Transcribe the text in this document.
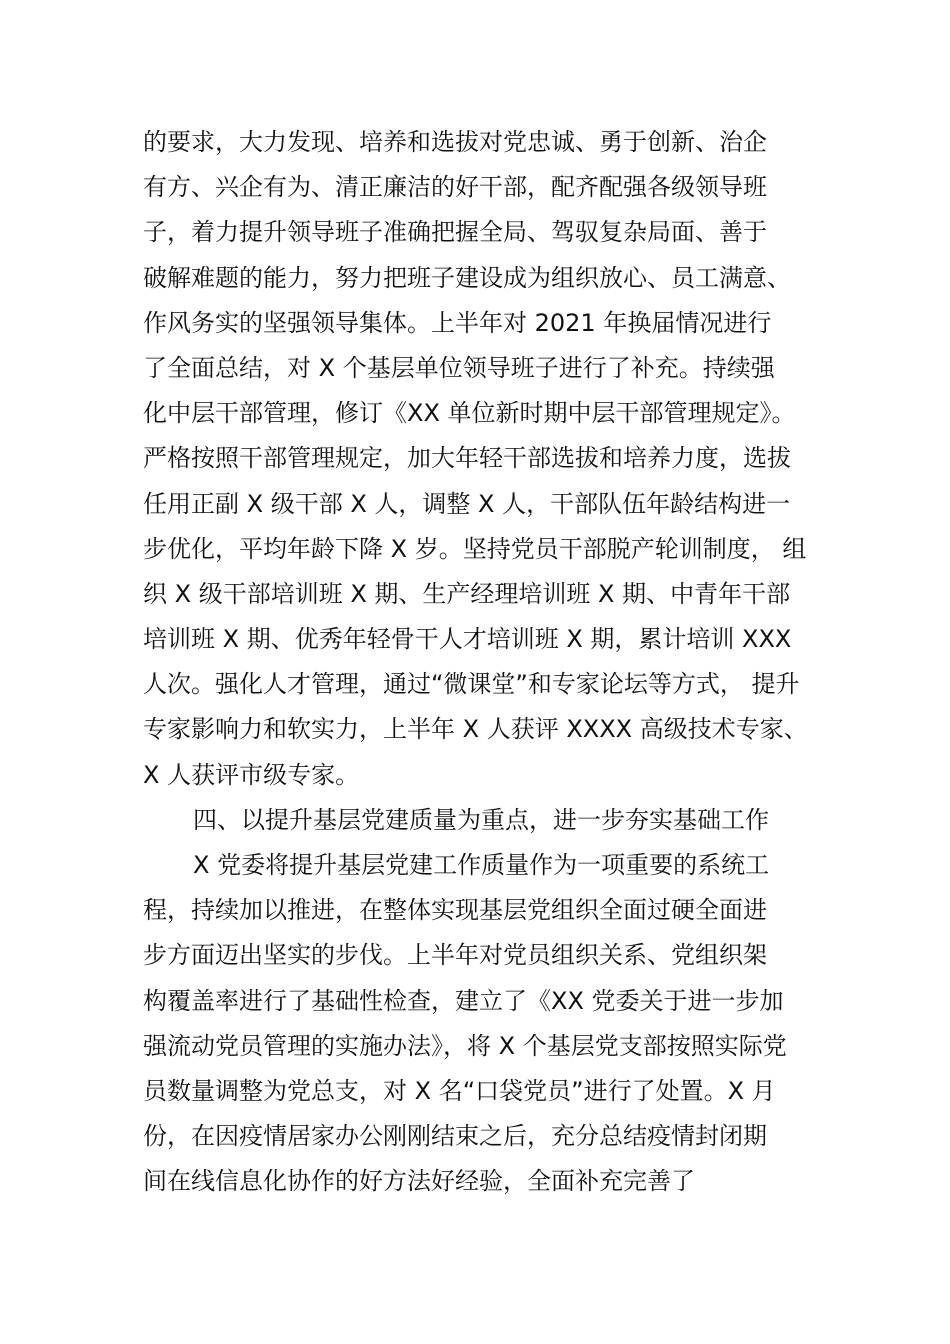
的要求，大力发现、培养和选拔对党忠诚、勇于创新、治企
有方、兴企有为、清正廉洁的好干部，配齐配强各级领导班
子，着力提升领导班子准确把握全局、驾驭复杂局面、善于
破解难题的能力，努力把班子建设成为组织放心、员工满意、
作风务实的坚强领导集体。上半年对 2021 年换届情况进行
了全面总结，对 X 个基层单位领导班子进行了补充。持续强
化中层干部管理，修订《XX 单位新时期中层干部管理规定》。
严格按照干部管理规定，加大年轻干部选拔和培养力度，选拔
任用正副 X 级干部 X 人，调整 X 人，干部队伍年龄结构进一
步优化，平均年龄下降 X 岁。坚持党员干部脱产轮训制度， 组
织 X 级干部培训班 X 期、生产经理培训班 X 期、中青年干部
培训班 X 期、优秀年轻骨干人才培训班 X 期，累计培训 XXX
人次。强化人才管理，通过“微课堂”和专家论坛等方式， 提升
专家影响力和软实力，上半年 X 人获评 XXXX 高级技术专家、
X 人获评市级专家。
四、以提升基层党建质量为重点，进一步夯实基础工作
X 党委将提升基层党建工作质量作为一项重要的系统工
程，持续加以推进，在整体实现基层党组织全面过硬全面进
步方面迈出坚实的步伐。上半年对党员组织关系、党组织架
构覆盖率进行了基础性检查，建立了《XX 党委关于进一步加
强流动党员管理的实施办法》，将 X 个基层党支部按照实际党
员数量调整为党总支，对 X 名“口袋党员”进行了处置。X 月
份，在因疫情居家办公刚刚结束之后，充分总结疫情封闭期
间在线信息化协作的好方法好经验，全面补充完善了
